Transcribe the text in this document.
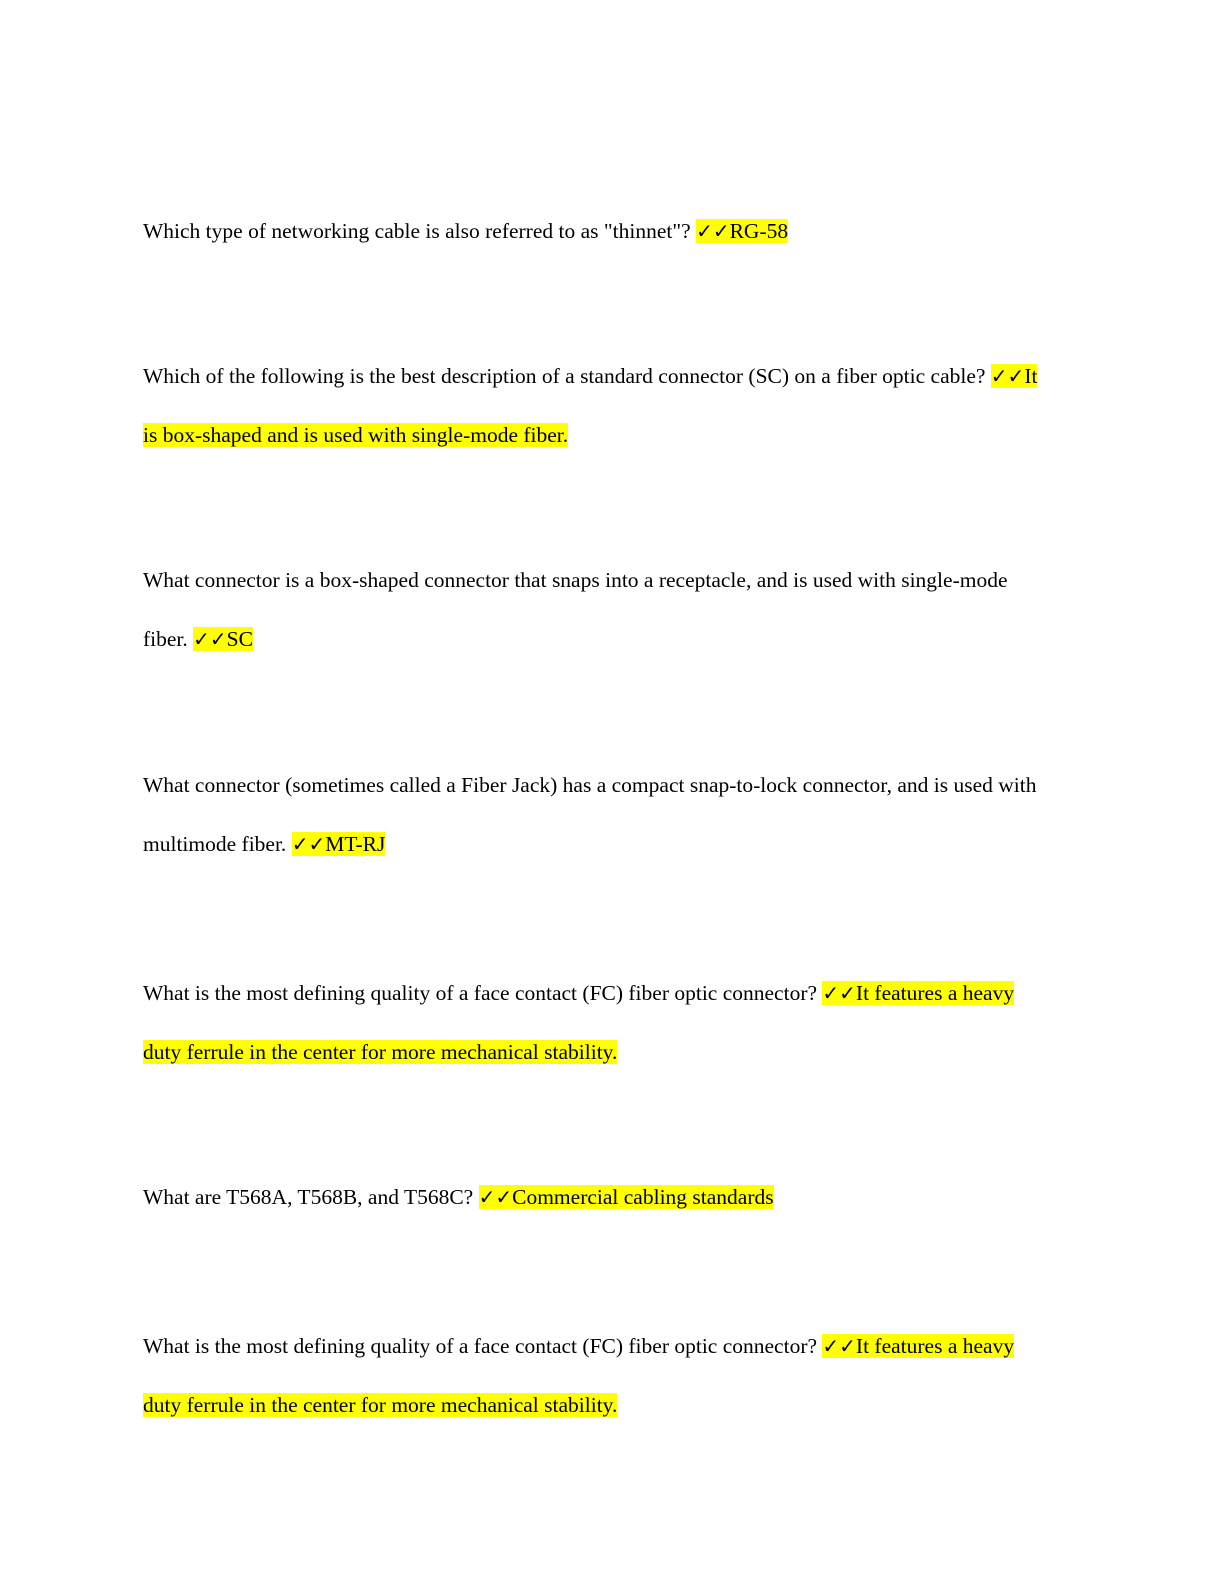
Which type of networking cable is also referred to as "thinnet"? ✓✓RG-58

Which of the following is the best description of a standard connector (SC) on a fiber optic cable? ✓✓It is box-shaped and is used with single-mode fiber.

What connector is a box-shaped connector that snaps into a receptacle, and is used with single-mode fiber. ✓✓SC

What connector (sometimes called a Fiber Jack) has a compact snap-to-lock connector, and is used with multimode fiber. ✓✓MT-RJ

What is the most defining quality of a face contact (FC) fiber optic connector? ✓✓It features a heavy duty ferrule in the center for more mechanical stability.

What are T568A, T568B, and T568C? ✓✓Commercial cabling standards

What is the most defining quality of a face contact (FC) fiber optic connector? ✓✓It features a heavy duty ferrule in the center for more mechanical stability.
